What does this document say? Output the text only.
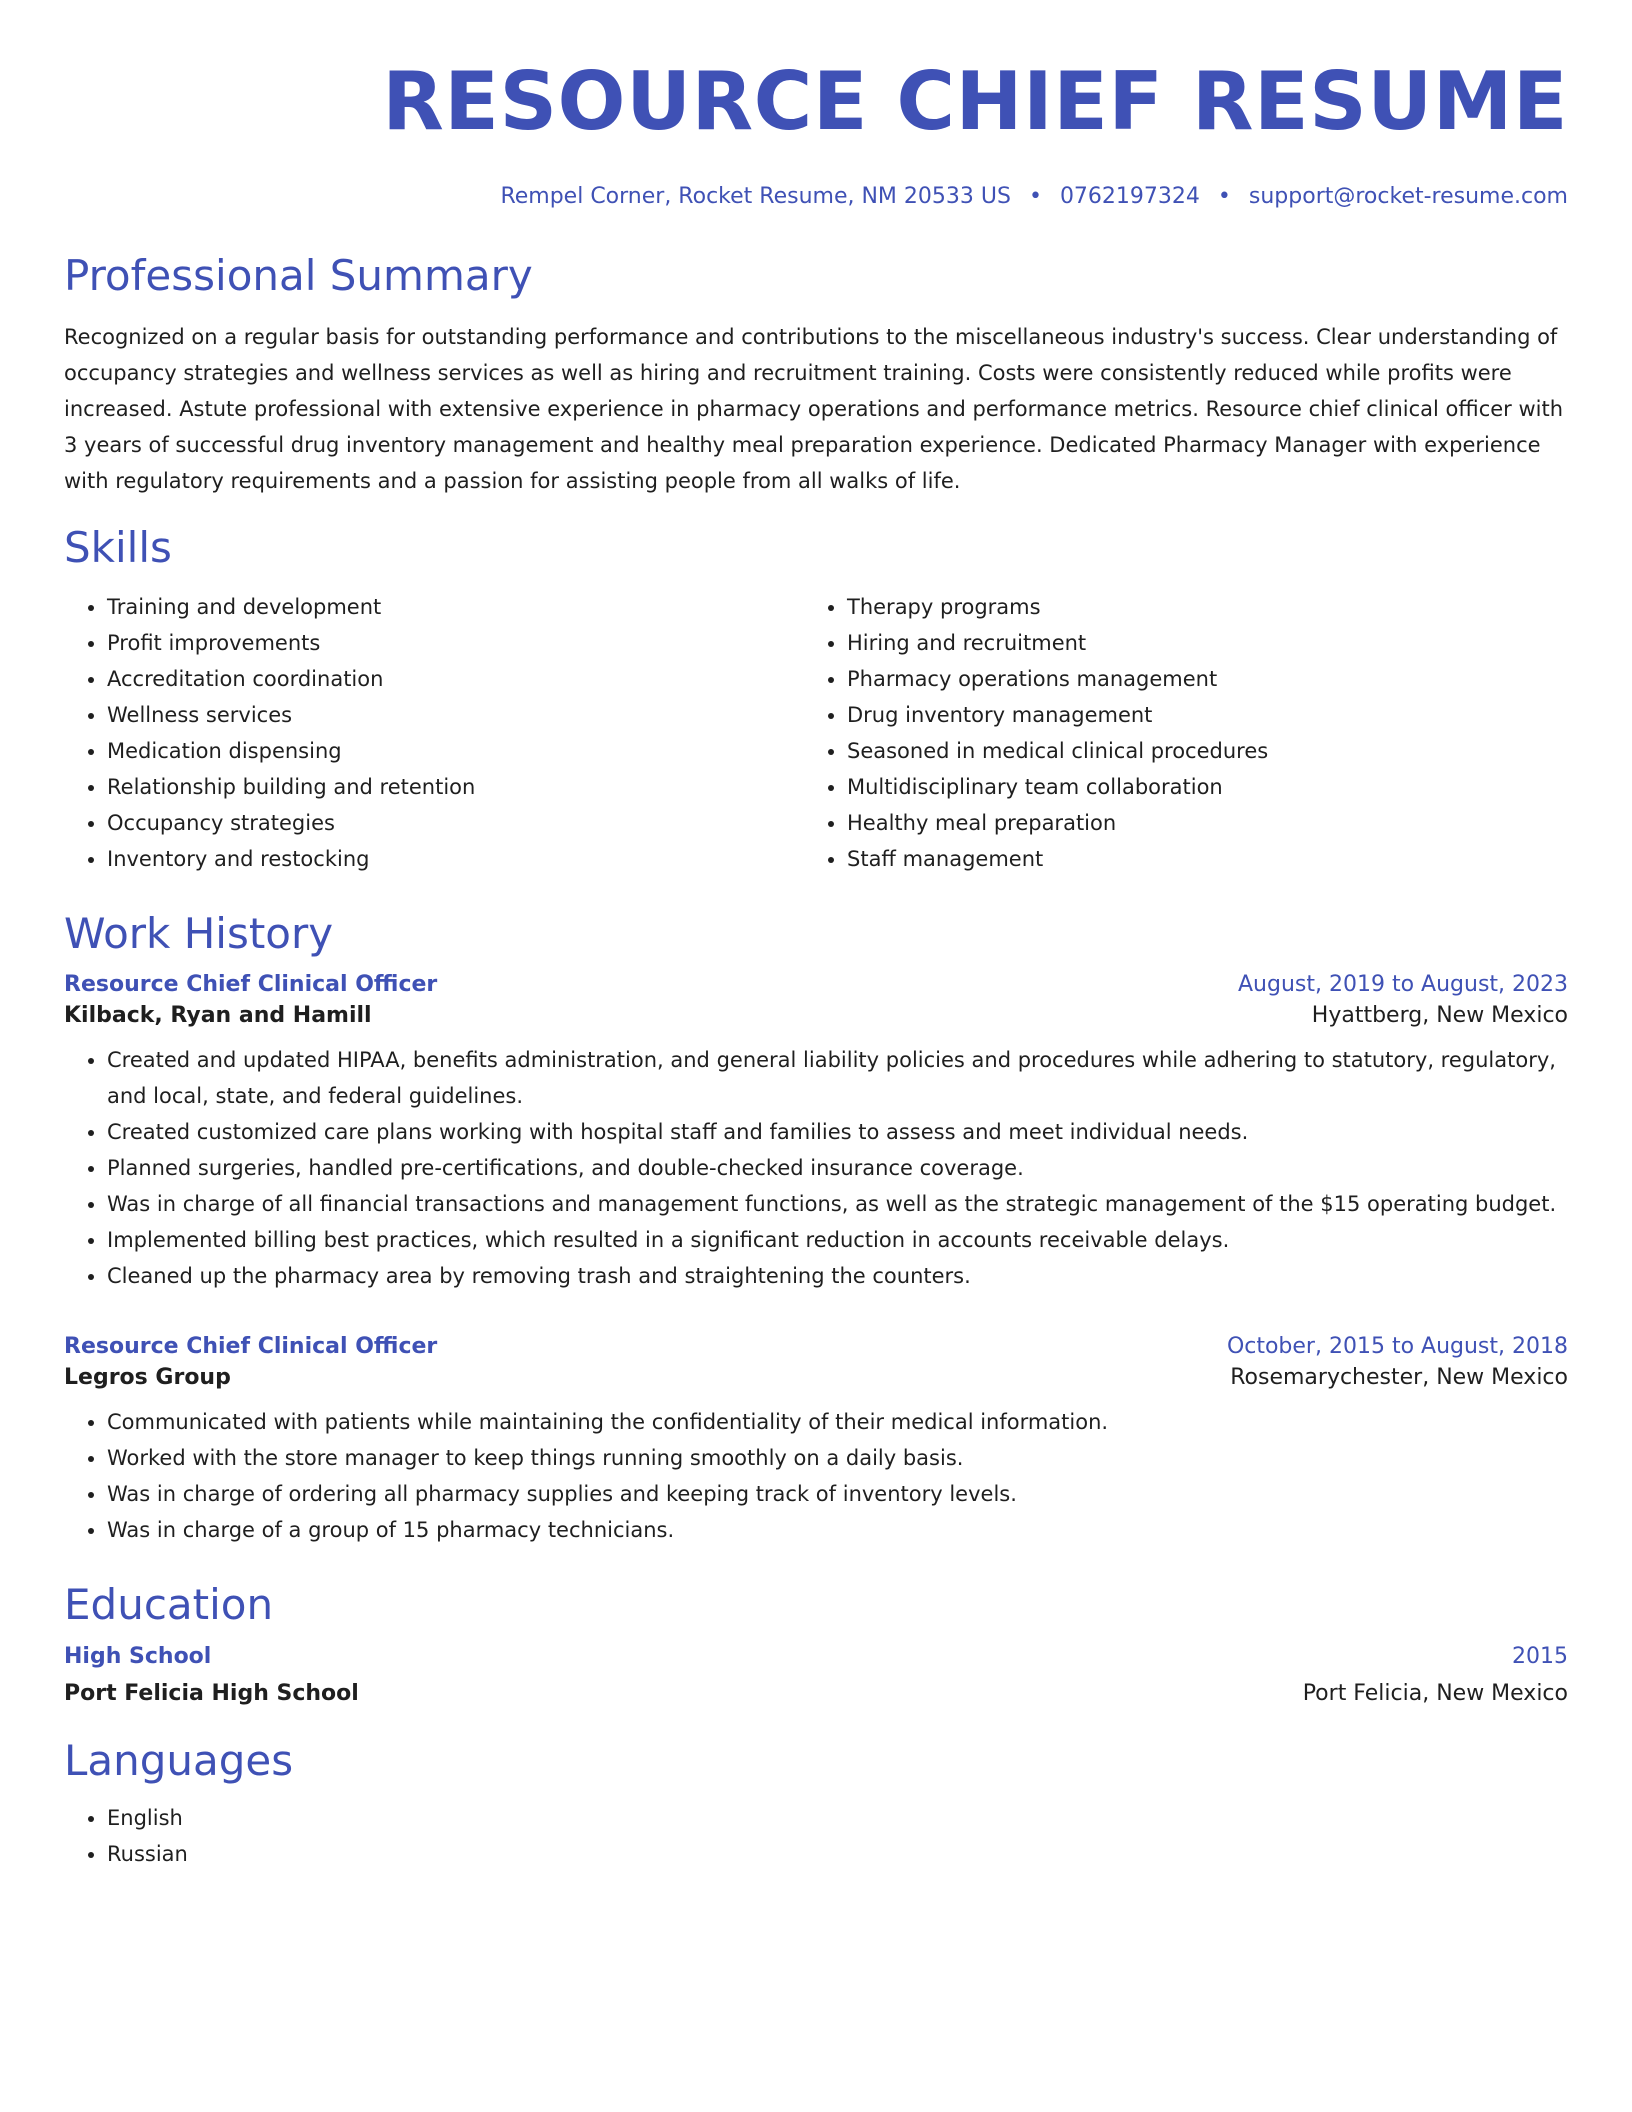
RESOURCE CHIEF RESUME
Rempel Corner, Rocket Resume, NM 20533 US • 0762197324 • support@rocket-resume.com
Professional Summary

Recognized on a regular basis for outstanding performance and contributions to the miscellaneous industry's success. Clear understanding of occupancy strategies and wellness services as well as hiring and recruitment training. Costs were consistently reduced while profits were increased. Astute professional with extensive experience in pharmacy operations and performance metrics. Resource chief clinical officer with 3 years of successful drug inventory management and healthy meal preparation experience. Dedicated Pharmacy Manager with experience with regulatory requirements and a passion for assisting people from all walks of life.

Skills
• Training and development
• Profit improvements
• Accreditation coordination
• Wellness services
• Medication dispensing
• Relationship building and retention
• Occupancy strategies
• Inventory and restocking
• Therapy programs
• Hiring and recruitment
• Pharmacy operations management
• Drug inventory management
• Seasoned in medical clinical procedures
• Multidisciplinary team collaboration
• Healthy meal preparation
• Staff management
Work History
Resource Chief Clinical Officer	August, 2019 to August, 2023
Kilback, Ryan and Hamill	Hyattberg, New Mexico
• Created and updated HIPAA, benefits administration, and general liability policies and procedures while adhering to statutory, regulatory, and local, state, and federal guidelines.
• Created customized care plans working with hospital staff and families to assess and meet individual needs.
• Planned surgeries, handled pre-certifications, and double-checked insurance coverage.
• Was in charge of all financial transactions and management functions, as well as the strategic management of the $15 operating budget.
• Implemented billing best practices, which resulted in a significant reduction in accounts receivable delays.
• Cleaned up the pharmacy area by removing trash and straightening the counters.
Resource Chief Clinical Officer	October, 2015 to August, 2018
Legros Group	Rosemarychester, New Mexico
• Communicated with patients while maintaining the confidentiality of their medical information.
• Worked with the store manager to keep things running smoothly on a daily basis.
• Was in charge of ordering all pharmacy supplies and keeping track of inventory levels.
• Was in charge of a group of 15 pharmacy technicians.
Education
High School	2015
Port Felicia High School	Port Felicia, New Mexico
Languages
• English
• Russian
